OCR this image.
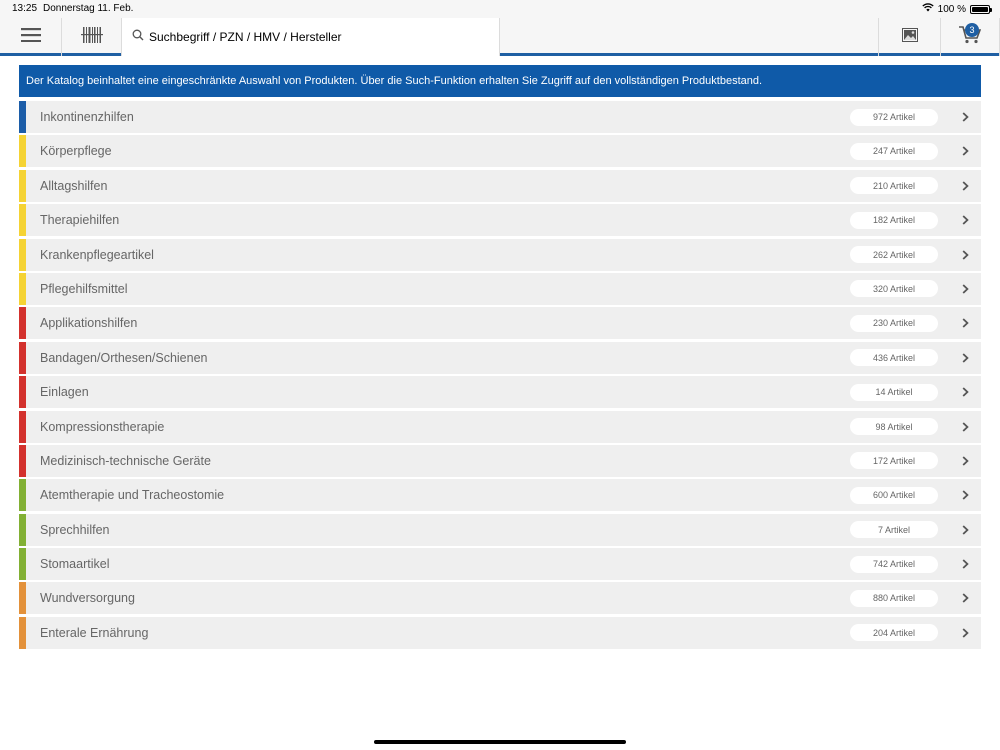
13:25 Donnerstag 11. Feb.	100 %
Suchbegriff / PZN / HMV / Hersteller	3
Der Katalog beinhaltet eine eingeschränkte Auswahl von Produkten. Über die Such-Funktion erhalten Sie Zugriff auf den vollständigen Produktbestand.
Inkontinenzhilfen	972 Artikel
Körperpflege	247 Artikel
Alltagshilfen	210 Artikel
Therapiehilfen	182 Artikel
Krankenpflegeartikel	262 Artikel
Pflegehilfsmittel	320 Artikel
Applikationshilfen	230 Artikel
Bandagen/Orthesen/Schienen	436 Artikel
Einlagen	14 Artikel
Kompressionstherapie	98 Artikel
Medizinisch-technische Geräte	172 Artikel
Atemtherapie und Tracheostomie	600 Artikel
Sprechhilfen	7 Artikel
Stomaartikel	742 Artikel
Wundversorgung	880 Artikel
Enterale Ernährung	204 Artikel
